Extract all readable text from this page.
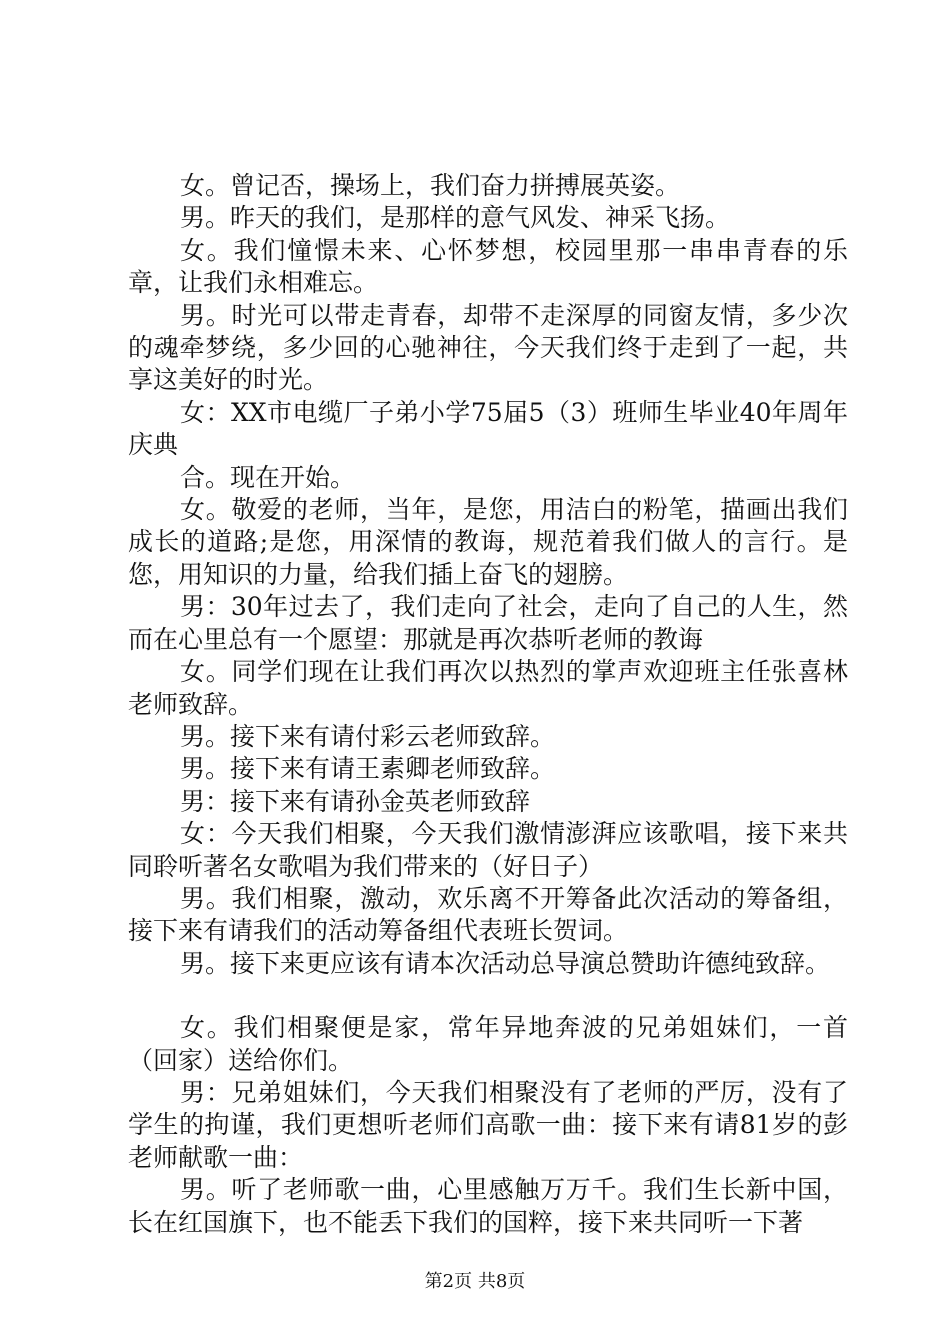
女。曾记否，操场上，我们奋力拼搏展英姿。

男。昨天的我们，是那样的意气风发、神采飞扬。

女。我们憧憬未来、心怀梦想，校园里那一串串青春的乐章，让我们永相难忘。

男。时光可以带走青春，却带不走深厚的同窗友情，多少次的魂牵梦绕，多少回的心驰神往，今天我们终于走到了一起，共享这美好的时光。

女：XX市电缆厂子弟小学75届5（3）班师生毕业40年周年庆典

合。现在开始。

女。敬爱的老师，当年，是您，用洁白的粉笔，描画出我们成长的道路;是您，用深情的教诲，规范着我们做人的言行。是您，用知识的力量，给我们插上奋飞的翅膀。

男：30年过去了，我们走向了社会，走向了自己的人生，然而在心里总有一个愿望：那就是再次恭听老师的教诲

女。同学们现在让我们再次以热烈的掌声欢迎班主任张喜林老师致辞。

男。接下来有请付彩云老师致辞。

男。接下来有请王素卿老师致辞。

男：接下来有请孙金英老师致辞

女：今天我们相聚，今天我们激情澎湃应该歌唱，接下来共同聆听著名女歌唱为我们带来的（好日子）

男。我们相聚，激动，欢乐离不开筹备此次活动的筹备组，接下来有请我们的活动筹备组代表班长贺词。

男。接下来更应该有请本次活动总导演总赞助许德纯致辞。

女。我们相聚便是家，常年异地奔波的兄弟姐妹们，一首（回家）送给你们。

男：兄弟姐妹们，今天我们相聚没有了老师的严厉，没有了学生的拘谨，我们更想听老师们高歌一曲：接下来有请81岁的彭老师献歌一曲：

男。听了老师歌一曲，心里感触万万千。我们生长新中国，长在红国旗下，也不能丢下我们的国粹，接下来共同听一下著

第2页 共8页
